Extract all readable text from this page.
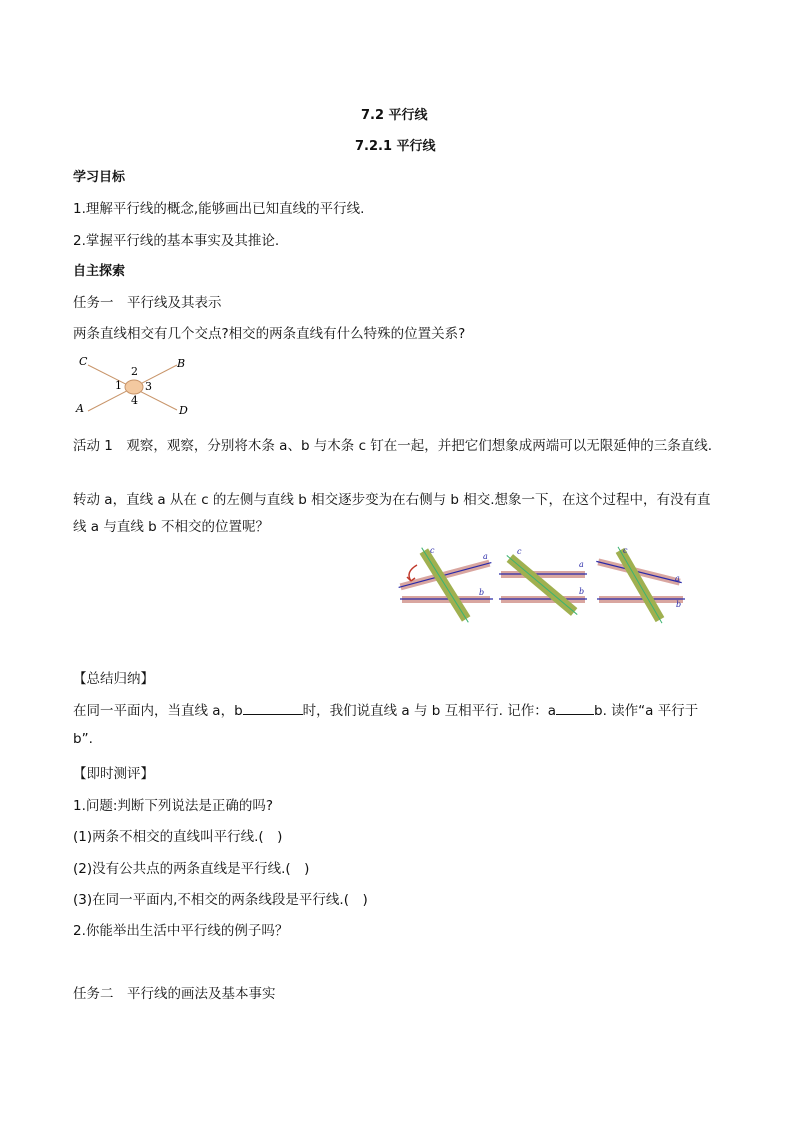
7.2 平行线
7.2.1 平行线
学习目标
1.理解平行线的概念,能够画出已知直线的平行线.
2.掌握平行线的基本事实及其推论.
自主探索
任务一　平行线及其表示
两条直线相交有几个交点?相交的两条直线有什么特殊的位置关系?
C	B
A	D
1
2
3
4
活动 1　观察，观察，分别将木条 a、b 与木条 c 钉在一起，并把它们想象成两端可以无限延伸的三条直线.
转动 a，直线 a 从在 c 的左侧与直线 b 相交逐步变为在右侧与 b 相交.想象一下，在这个过程中，有没有直
线 a 与直线 b 不相交的位置呢？
c
a
b
c
a
b
c
a
b
【总结归纳】
在同一平面内，当直线 a，b	时，我们说直线 a 与 b 互相平行. 记作：a	b. 读作“a 平行于
b”.
【即时测评】
1.问题:判断下列说法是正确的吗?
(1)两条不相交的直线叫平行线.(　)
(2)没有公共点的两条直线是平行线.(　)
(3)在同一平面内,不相交的两条线段是平行线.(　)
2.你能举出生活中平行线的例子吗？
任务二　平行线的画法及基本事实
